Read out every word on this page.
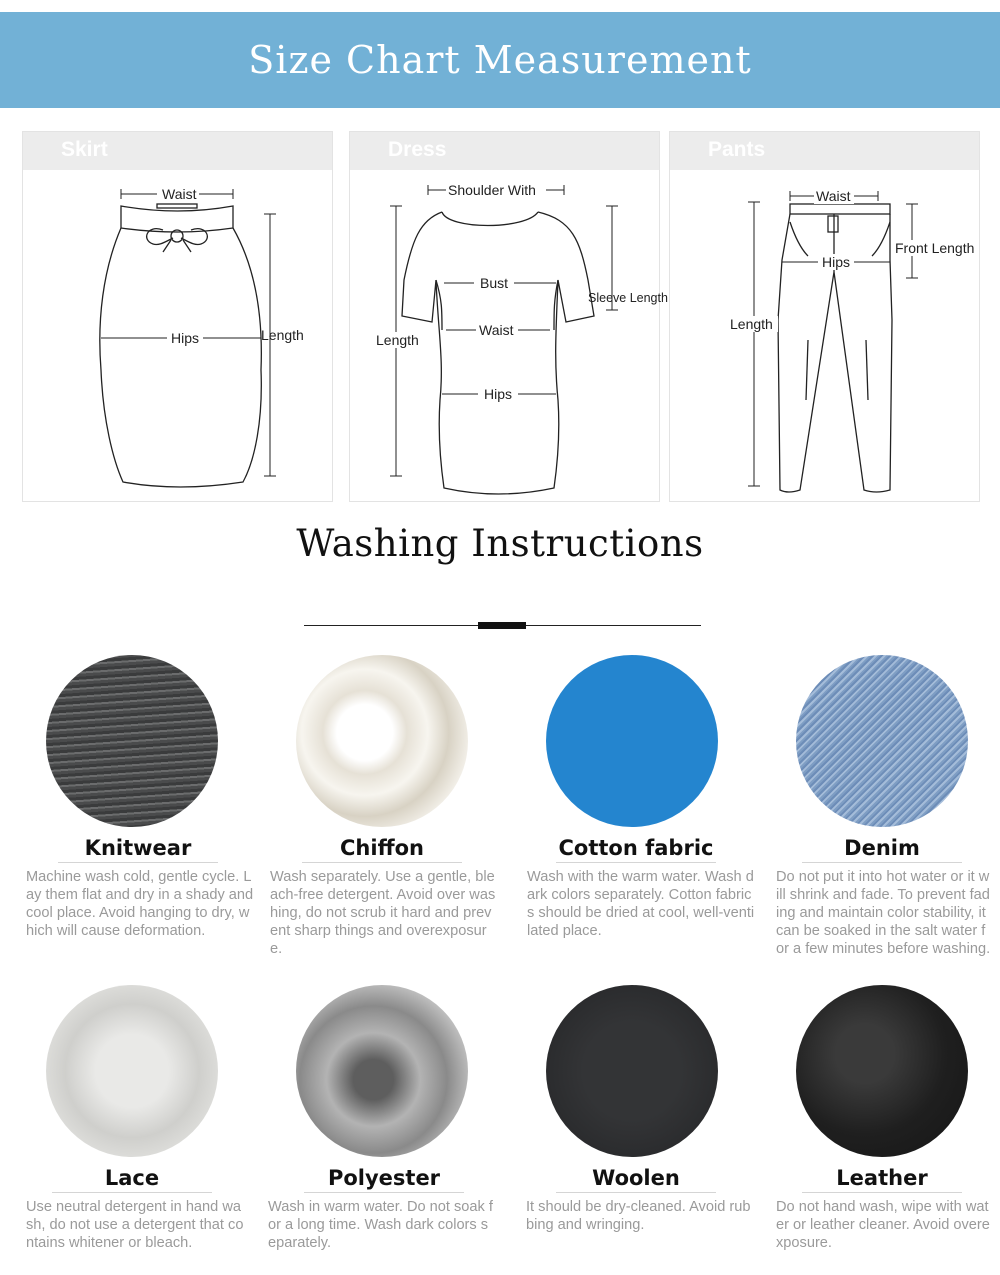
Size Chart Measurement
Skirt
Waist
Hips	Length
Dress
Shoulder With
Sleeve Length
Bust
Waist
Hips
Length
Pants
Waist
Front Length
Hips
Length
Washing Instructions
Knitwear
Machine wash cold, gentle cycle. Lay them flat and dry in a shady and cool place. Avoid hanging to dry, which will cause deformation.
Chiffon
Wash separately. Use a gentle, bleach-free detergent. Avoid over washing, do not scrub it hard and prevent sharp things and overexposure.
Cotton fabric
Wash with the warm water. Wash dark colors separately. Cotton fabrics should be dried at cool, well-ventilated place.
Denim
Do not put it into hot water or it will shrink and fade. To prevent fading and maintain color stability, it can be soaked in the salt water for a few minutes before washing.
Lace
Use neutral detergent in hand wash, do not use a detergent that contains whitener or bleach.
Polyester
Wash in warm water. Do not soak for a long time. Wash dark colors separately.
Woolen
It should be dry-cleaned. Avoid rubbing and wringing.
Leather
Do not hand wash, wipe with water or leather cleaner. Avoid overexposure.
